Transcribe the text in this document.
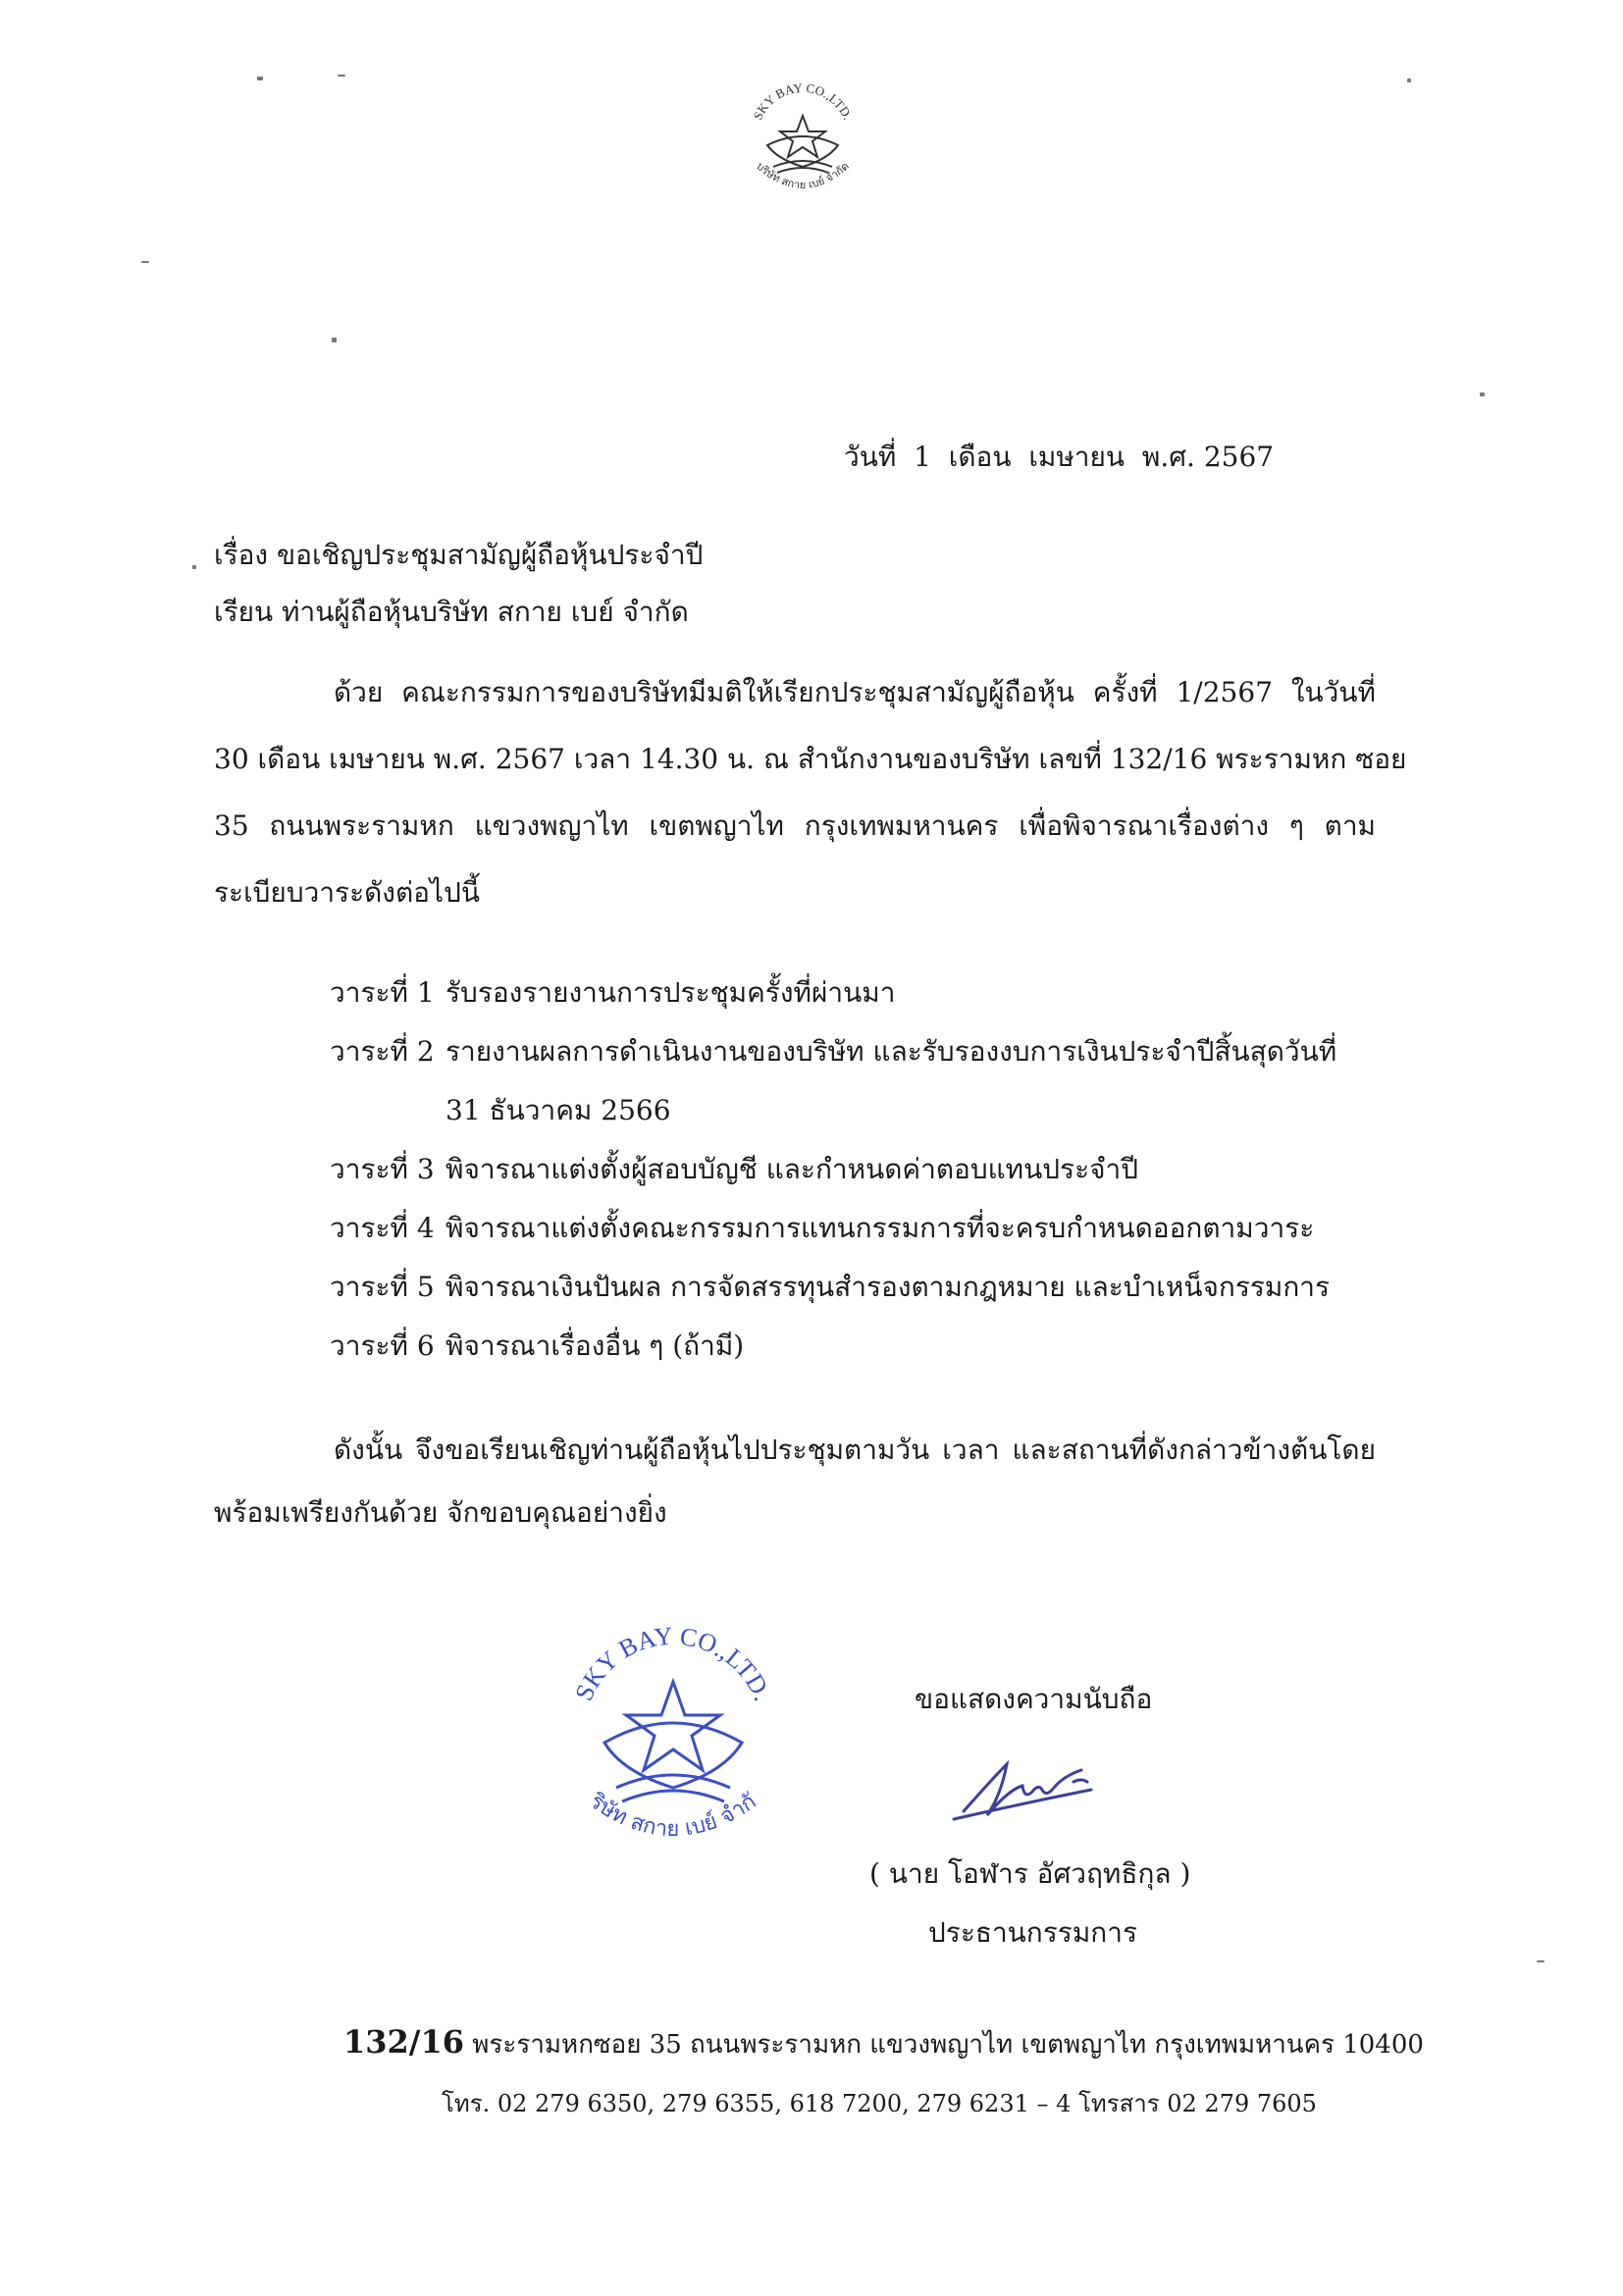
SKY BAY CO.,LTD.
บริษัท สกาย เบย์ จำกัด
วันที่ 1 เดือน เมษายน พ.ศ. 2567
เรื่อง ขอเชิญประชุมสามัญผู้ถือหุ้นประจำปี
เรียน ท่านผู้ถือหุ้นบริษัท สกาย เบย์ จำกัด
ด้วย คณะกรรมการของบริษัทมีมติให้เรียกประชุมสามัญผู้ถือหุ้น ครั้งที่ 1/2567 ในวันที่
30 เดือน เมษายน พ.ศ. 2567 เวลา 14.30 น. ณ สำนักงานของบริษัท เลขที่ 132/16 พระรามหก ซอย
35 ถนนพระรามหก แขวงพญาไท เขตพญาไท กรุงเทพมหานคร เพื่อพิจารณาเรื่องต่าง ๆ ตาม
ระเบียบวาระดังต่อไปนี้
วาระที่ 1 รับรองรายงานการประชุมครั้งที่ผ่านมา
วาระที่ 2 รายงานผลการดำเนินงานของบริษัท และรับรองงบการเงินประจำปีสิ้นสุดวันที่
31 ธันวาคม 2566
วาระที่ 3 พิจารณาแต่งตั้งผู้สอบบัญชี และกำหนดค่าตอบแทนประจำปี
วาระที่ 4 พิจารณาแต่งตั้งคณะกรรมการแทนกรรมการที่จะครบกำหนดออกตามวาระ
วาระที่ 5 พิจารณาเงินปันผล การจัดสรรทุนสำรองตามกฎหมาย และบำเหน็จกรรมการ
วาระที่ 6 พิจารณาเรื่องอื่น ๆ (ถ้ามี)
ดังนั้น จึงขอเรียนเชิญท่านผู้ถือหุ้นไปประชุมตามวัน เวลา และสถานที่ดังกล่าวข้างต้นโดย
พร้อมเพรียงกันด้วย จักขอบคุณอย่างยิ่ง
SKY BAY CO.,LTD.
ริษัท สกาย เบย์ จำกั
ขอแสดงความนับถือ
( นาย โอฬาร อัศวฤทธิกุล )
ประธานกรรมการ
132/16 พระรามหกซอย 35 ถนนพระรามหก แขวงพญาไท เขตพญาไท กรุงเทพมหานคร 10400
โทร. 02 279 6350, 279 6355, 618 7200, 279 6231 – 4 โทรสาร 02 279 7605
